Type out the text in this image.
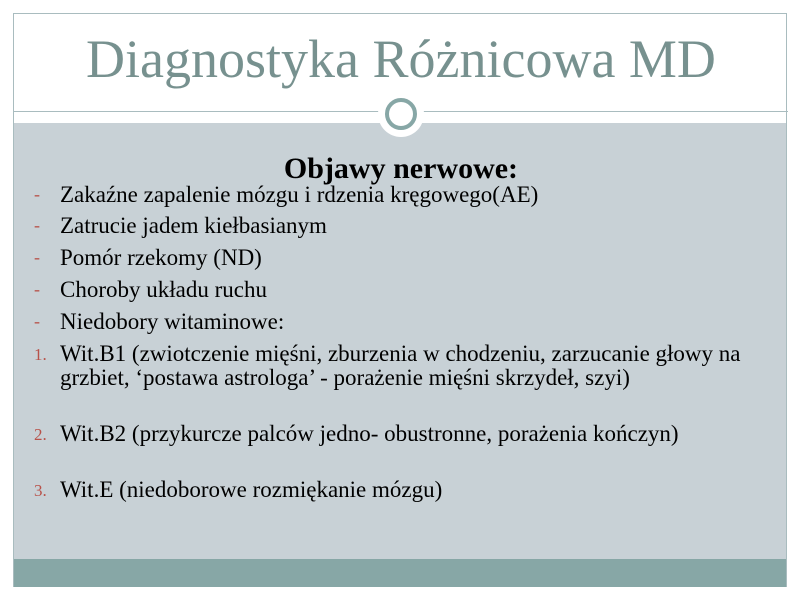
Diagnostyka Różnicowa MD
Objawy nerwowe:
- Zakaźne zapalenie mózgu i rdzenia kręgowego(AE)
- Zatrucie jadem kiełbasianym
- Pomór rzekomy (ND)
- Choroby układu ruchu
- Niedobory witaminowe:
1. Wit.B1 (zwiotczenie mięśni, zburzenia w chodzeniu, zarzucanie głowy na grzbiet, ‘postawa astrologa’ - porażenie mięśni skrzydeł, szyi)
2. Wit.B2 (przykurcze palców jedno- obustronne, porażenia kończyn)
3. Wit.E (niedoborowe rozmiękanie mózgu)
